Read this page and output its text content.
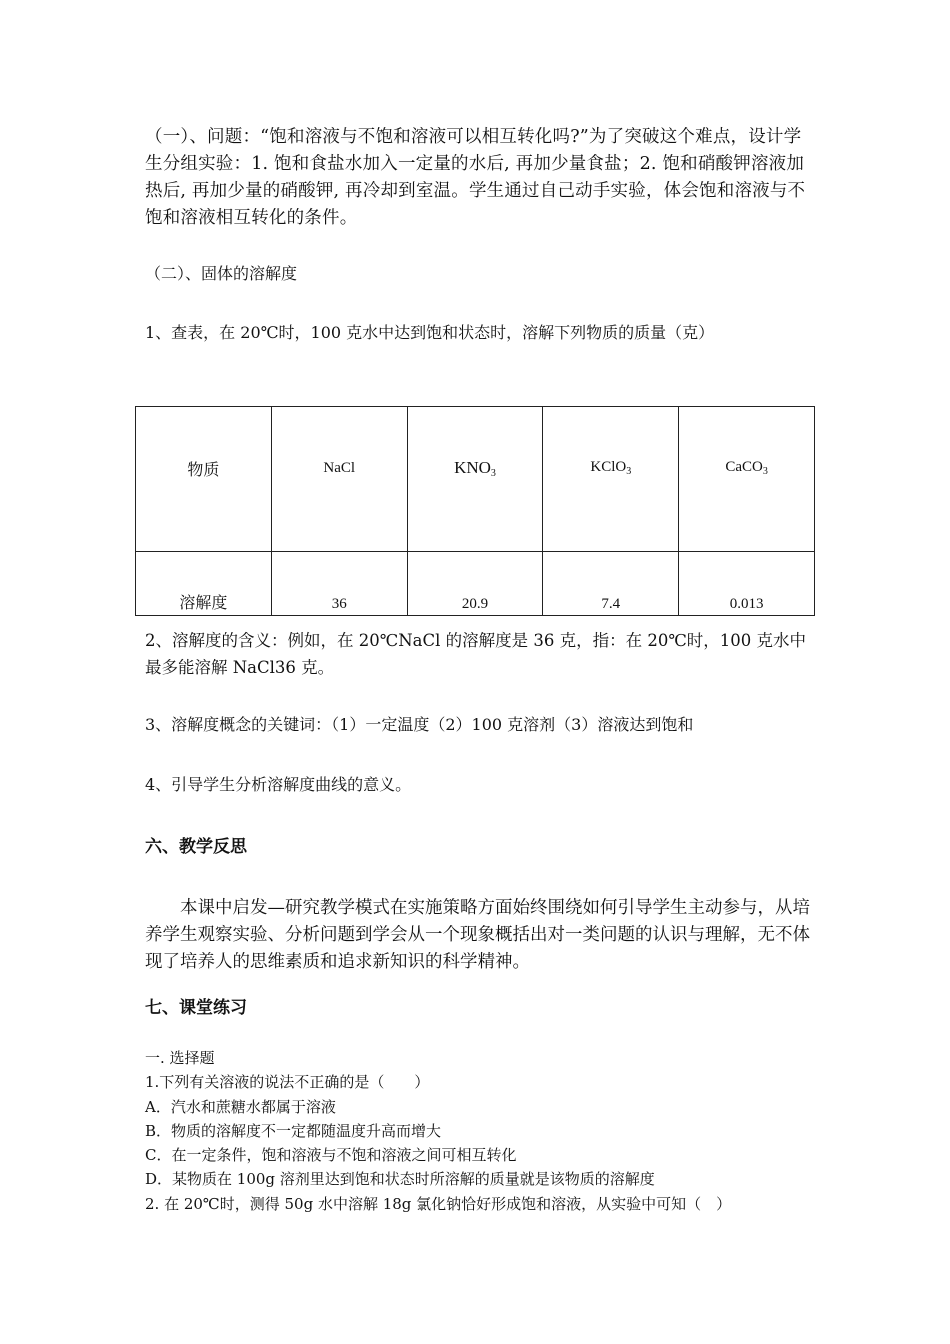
（一）、问题：“饱和溶液与不饱和溶液可以相互转化吗?”为了突破这个难点，设计学生分组实验：1. 饱和食盐水加入一定量的水后, 再加少量食盐；2. 饱和硝酸钾溶液加热后, 再加少量的硝酸钾, 再冷却到室温。学生通过自己动手实验，体会饱和溶液与不饱和溶液相互转化的条件。
（二）、固体的溶解度
1、查表，在 20℃时，100 克水中达到饱和状态时，溶解下列物质的质量（克）
物质	NaCl	$KNO_3$	KClO$_3$	CaCO$_3$
溶解度	36	20.9	7.4	0.013
2、溶解度的含义：例如，在 20℃NaCl 的溶解度是 36 克，指：在 20℃时，100 克水中最多能溶解 NaCl36 克。
3、溶解度概念的关键词：（1）一定温度（2）100 克溶剂（3）溶液达到饱和
4、引导学生分析溶解度曲线的意义。
六、教学反思
本课中启发—研究教学模式在实施策略方面始终围绕如何引导学生主动参与，从培养学生观察实验、分析问题到学会从一个现象概括出对一类问题的认识与理解，无不体现了培养人的思维素质和追求新知识的科学精神。
七、课堂练习
一. 选择题
1.下列有关溶液的说法不正确的是（　　）
A．汽水和蔗糖水都属于溶液
B．物质的溶解度不一定都随温度升高而增大
C．在一定条件，饱和溶液与不饱和溶液之间可相互转化
D．某物质在 100g 溶剂里达到饱和状态时所溶解的质量就是该物质的溶解度
2. 在 20℃时，测得 50g 水中溶解 18g 氯化钠恰好形成饱和溶液，从实验中可知（　）
